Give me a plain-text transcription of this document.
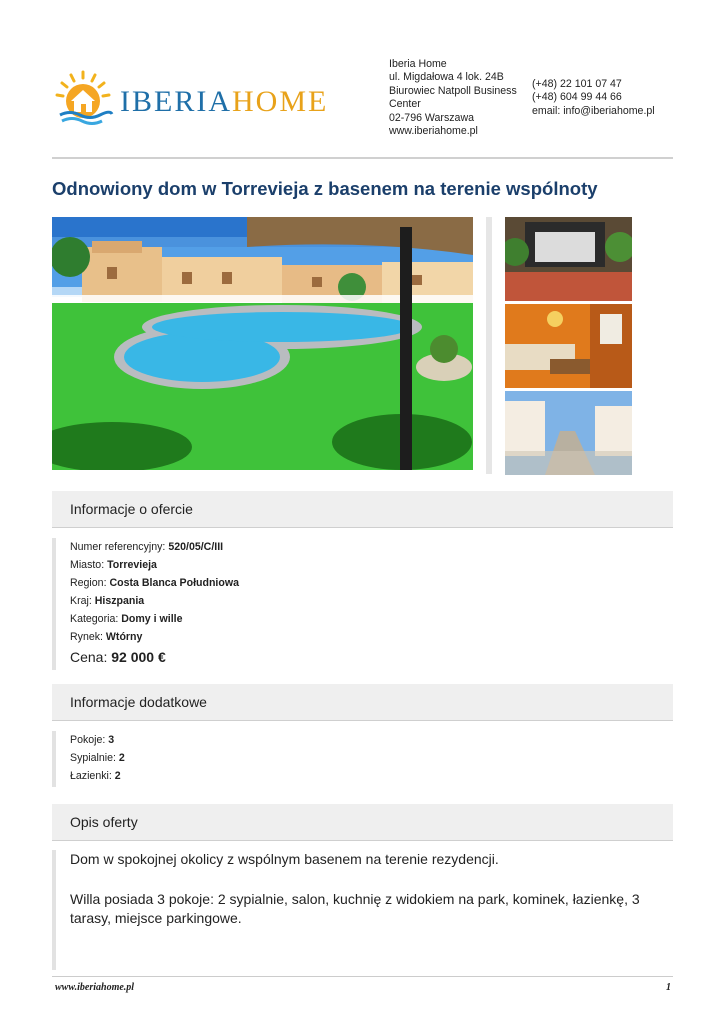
IBERIAHOME
Iberia Home
ul. Migdałowa 4 lok. 24B
Biurowiec Natpoll Business
Center
02-796 Warszawa
www.iberiahome.pl
(+48) 22 101 07 47
(+48) 604 99 44 66
email: info@iberiahome.pl
Odnowiony dom w Torrevieja z basenem na terenie wspólnoty
Informacje o ofercie
Numer referencyjny: 520/05/C/III
Miasto: Torrevieja
Region: Costa Blanca Południowa
Kraj: Hiszpania
Kategoria: Domy i wille
Rynek: Wtórny
Cena: 92 000 €
Informacje dodatkowe
Pokoje: 3
Sypialnie: 2
Łazienki: 2
Opis oferty

Dom w spokojnej okolicy z wspólnym basenem na terenie rezydencji.

Willa posiada 3 pokoje: 2 sypialnie, salon, kuchnię z widokiem na park, kominek, łazienkę, 3 tarasy, miejsce parkingowe.

www.iberiahome.pl	1
